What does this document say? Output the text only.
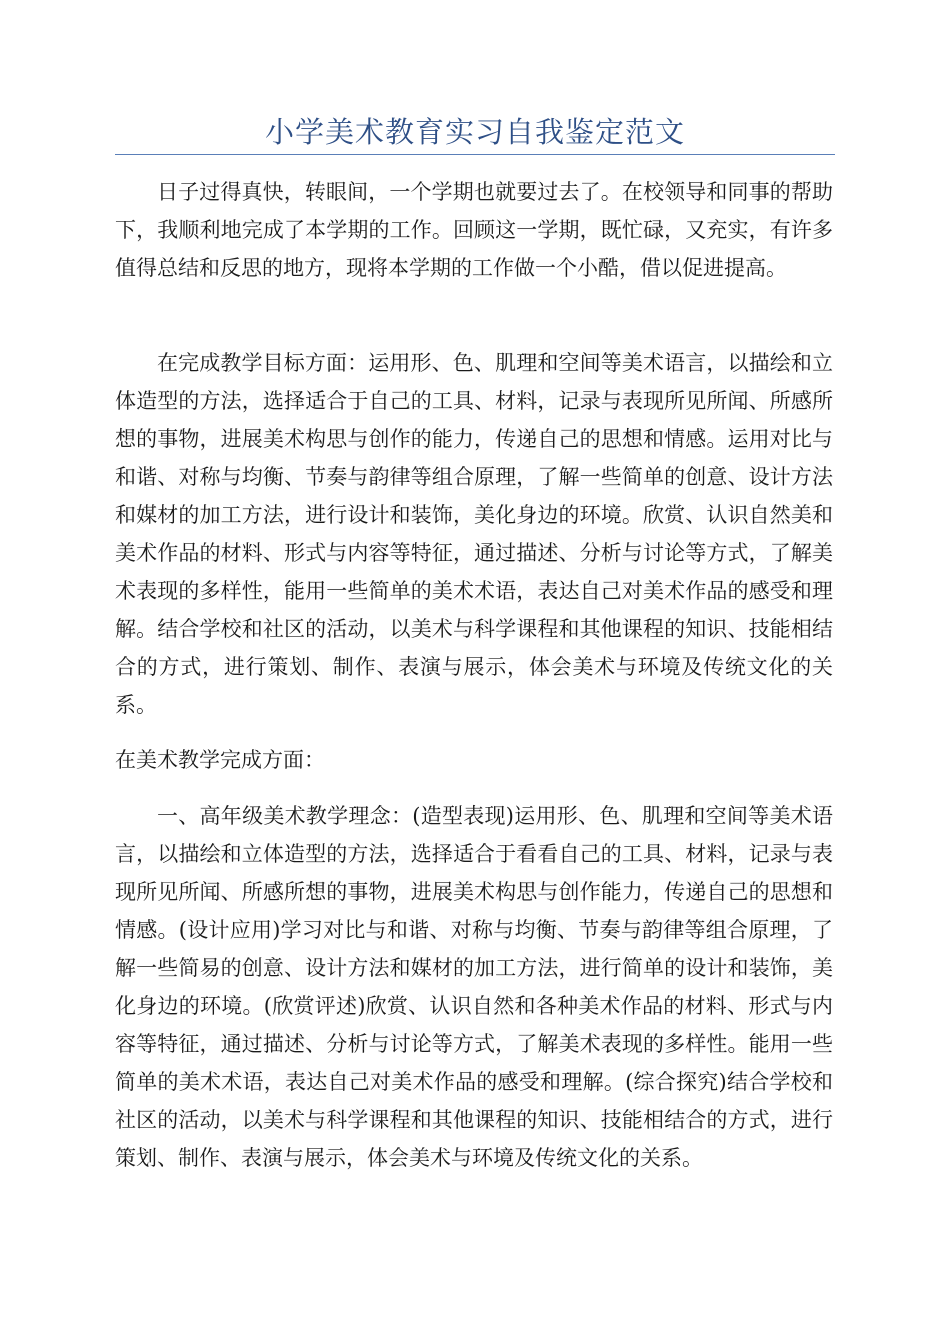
小学美术教育实习自我鉴定范文

日子过得真快，转眼间，一个学期也就要过去了。在校领导和同事的帮助下，我顺利地完成了本学期的工作。回顾这一学期，既忙碌，又充实，有许多值得总结和反思的地方，现将本学期的工作做一个小酷，借以促进提高。

在完成教学目标方面：运用形、色、肌理和空间等美术语言，以描绘和立体造型的方法，选择适合于自己的工具、材料，记录与表现所见所闻、所感所想的事物，进展美术构思与创作的能力，传递自己的思想和情感。运用对比与和谐、对称与均衡、节奏与韵律等组合原理，了解一些简单的创意、设计方法和媒材的加工方法，进行设计和装饰，美化身边的环境。欣赏、认识自然美和美术作品的材料、形式与内容等特征，通过描述、分析与讨论等方式，了解美术表现的多样性，能用一些简单的美术术语，表达自己对美术作品的感受和理解。结合学校和社区的活动，以美术与科学课程和其他课程的知识、技能相结合的方式，进行策划、制作、表演与展示，体会美术与环境及传统文化的关系。

在美术教学完成方面：

一、高年级美术教学理念：(造型表现)运用形、色、肌理和空间等美术语言，以描绘和立体造型的方法，选择适合于看看自己的工具、材料，记录与表现所见所闻、所感所想的事物，进展美术构思与创作能力，传递自己的思想和情感。(设计应用)学习对比与和谐、对称与均衡、节奏与韵律等组合原理，了解一些简易的创意、设计方法和媒材的加工方法，进行简单的设计和装饰，美化身边的环境。(欣赏评述)欣赏、认识自然和各种美术作品的材料、形式与内容等特征，通过描述、分析与讨论等方式，了解美术表现的多样性。能用一些简单的美术术语，表达自己对美术作品的感受和理解。(综合探究)结合学校和社区的活动，以美术与科学课程和其他课程的知识、技能相结合的方式，进行策划、制作、表演与展示，体会美术与环境及传统文化的关系。
